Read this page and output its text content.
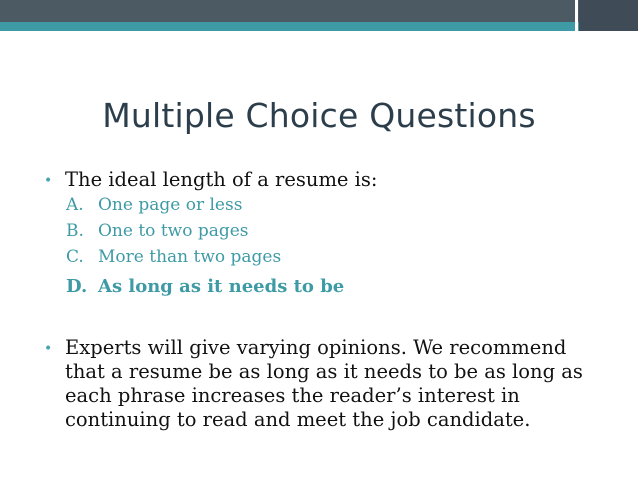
Multiple Choice Questions
• The ideal length of a resume is:
A. One page or less
B. One to two pages
C. More than two pages
D. As long as it needs to be
• Experts will give varying opinions. We recommend that a resume be as long as it needs to be as long as each phrase increases the reader’s interest in continuing to read and meet the job candidate.
